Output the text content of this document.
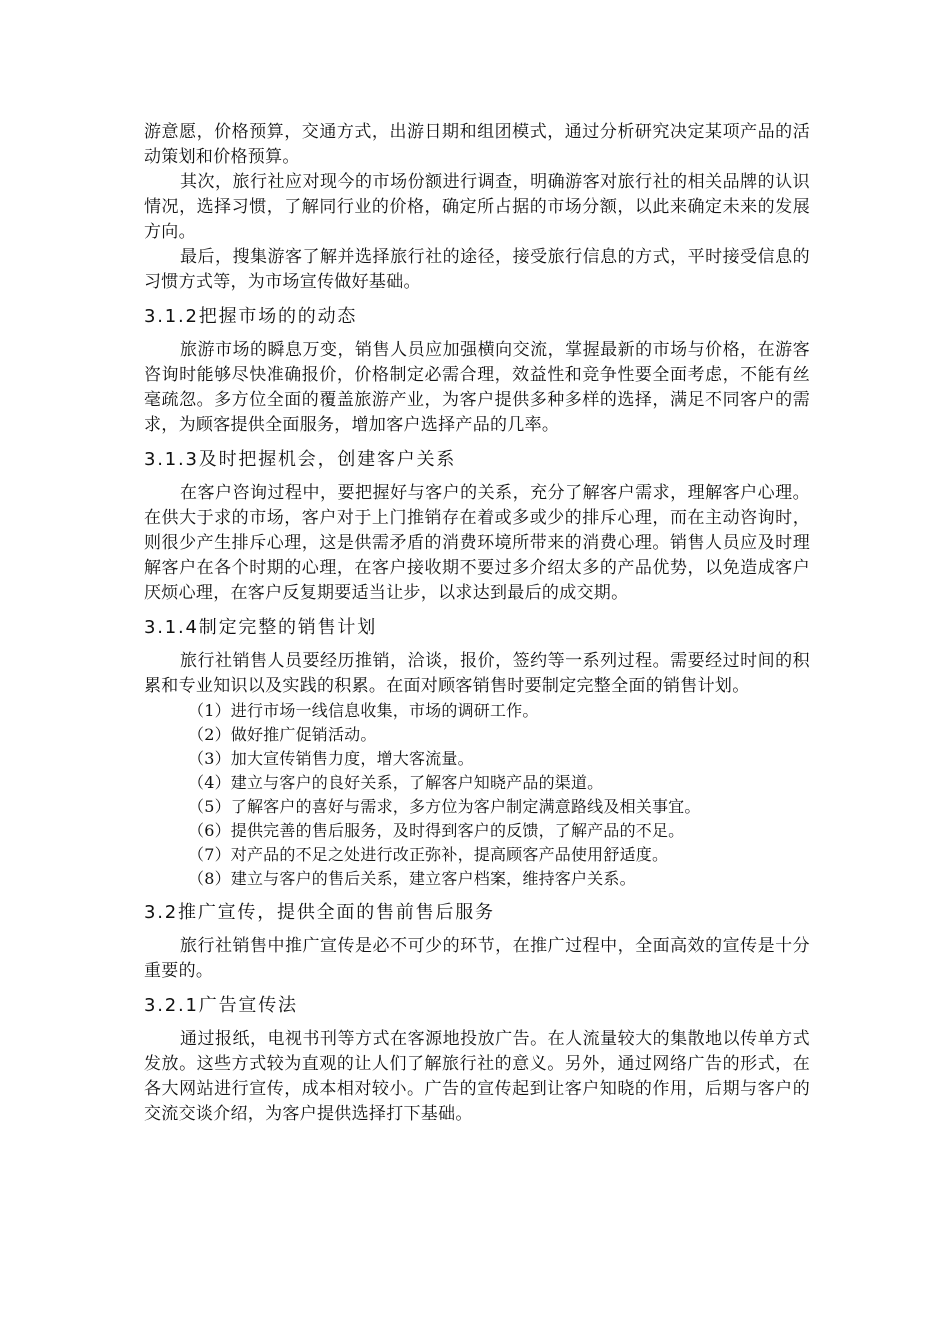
游意愿，价格预算，交通方式，出游日期和组团模式，通过分析研究决定某项产品的活动策划和价格预算。

其次，旅行社应对现今的市场份额进行调查，明确游客对旅行社的相关品牌的认识情况，选择习惯，了解同行业的价格，确定所占据的市场分额，以此来确定未来的发展方向。

最后，搜集游客了解并选择旅行社的途径，接受旅行信息的方式，平时接受信息的习惯方式等，为市场宣传做好基础。

3.1.2把握市场的的动态

旅游市场的瞬息万变，销售人员应加强横向交流，掌握最新的市场与价格，在游客咨询时能够尽快准确报价，价格制定必需合理，效益性和竞争性要全面考虑，不能有丝毫疏忽。多方位全面的覆盖旅游产业，为客户提供多种多样的选择，满足不同客户的需求，为顾客提供全面服务，增加客户选择产品的几率。

3.1.3及时把握机会，创建客户关系

在客户咨询过程中，要把握好与客户的关系，充分了解客户需求，理解客户心理。在供大于求的市场，客户对于上门推销存在着或多或少的排斥心理，而在主动咨询时，则很少产生排斥心理，这是供需矛盾的消费环境所带来的消费心理。销售人员应及时理解客户在各个时期的心理，在客户接收期不要过多介绍太多的产品优势，以免造成客户厌烦心理，在客户反复期要适当让步，以求达到最后的成交期。

3.1.4制定完整的销售计划

旅行社销售人员要经历推销，洽谈，报价，签约等一系列过程。需要经过时间的积累和专业知识以及实践的积累。在面对顾客销售时要制定完整全面的销售计划。

（1）进行市场一线信息收集，市场的调研工作。

（2）做好推广促销活动。

（3）加大宣传销售力度，增大客流量。

（4）建立与客户的良好关系，了解客户知晓产品的渠道。

（5）了解客户的喜好与需求，多方位为客户制定满意路线及相关事宜。

（6）提供完善的售后服务，及时得到客户的反馈，了解产品的不足。

（7）对产品的不足之处进行改正弥补，提高顾客产品使用舒适度。

（8）建立与客户的售后关系，建立客户档案，维持客户关系。

3.2推广宣传，提供全面的售前售后服务

旅行社销售中推广宣传是必不可少的环节，在推广过程中，全面高效的宣传是十分重要的。

3.2.1广告宣传法

通过报纸，电视书刊等方式在客源地投放广告。在人流量较大的集散地以传单方式发放。这些方式较为直观的让人们了解旅行社的意义。另外，通过网络广告的形式，在各大网站进行宣传，成本相对较小。广告的宣传起到让客户知晓的作用，后期与客户的交流交谈介绍，为客户提供选择打下基础。
